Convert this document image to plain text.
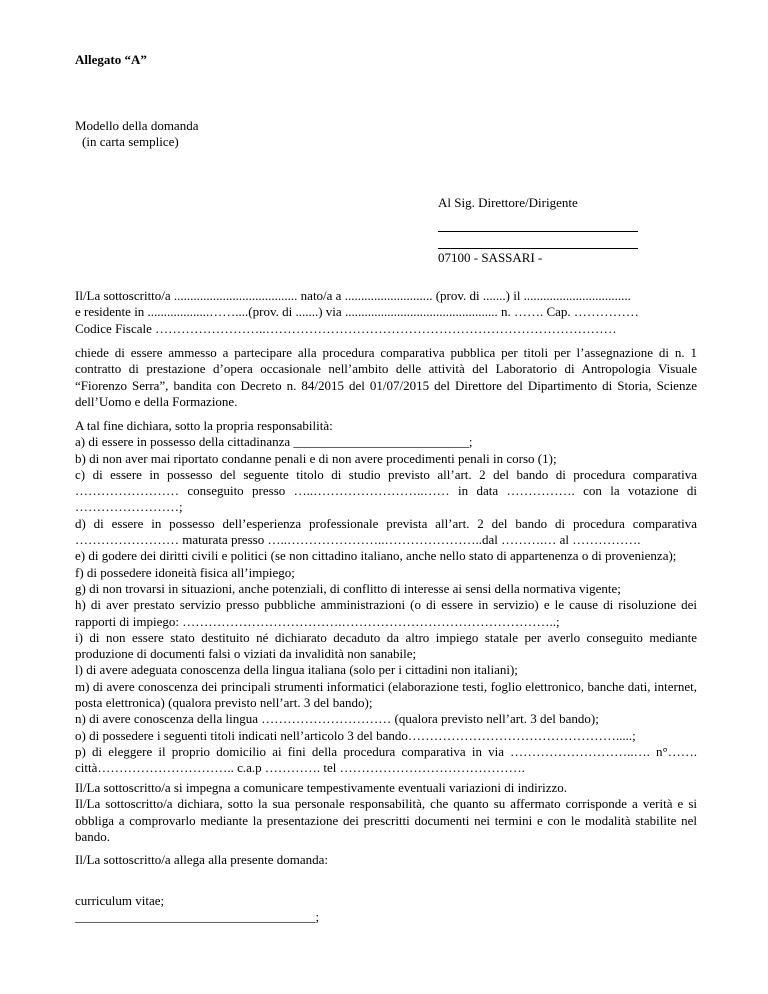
Allegato “A”
Modello della domanda
(in carta semplice)
Al Sig. Direttore/Dirigente
07100 - SASSARI -
Il/La sottoscritto/a ...................................... nato/a a ........................... (prov. di .......) il .................................
e residente in ...................……....(prov. di .......) via ............................................... n. ……. Cap. ……………
Codice Fiscale ……………………..………………………………………………………………………

chiede di essere ammesso a partecipare alla procedura comparativa pubblica per titoli per l’assegnazione di n. 1 contratto di prestazione d’opera occasionale nell’ambito delle attività del Laboratorio di Antropologia Visuale “Fiorenzo Serra”, bandita con Decreto n. 84/2015 del 01/07/2015 del Direttore del Dipartimento di Storia, Scienze dell’Uomo e della Formazione.

A tal fine dichiara, sotto la propria responsabilità:
a) di essere in possesso della cittadinanza ___________________________;
b) di non aver mai riportato condanne penali e di non avere procedimenti penali in corso (1);
c) di essere in possesso del seguente titolo di studio previsto all’art. 2 del bando di procedura comparativa …………………… conseguito presso …..……………………..…… in data ……………. con la votazione di ……………………;
d) di essere in possesso dell’esperienza professionale prevista all’art. 2 del bando di procedura comparativa …………………… maturata presso …..…………………..…………………..dal ……….… al …………….
e) di godere dei diritti civili e politici (se non cittadino italiano, anche nello stato di appartenenza o di provenienza);
f) di possedere idoneità fisica all’impiego;
g) di non trovarsi in situazioni, anche potenziali, di conflitto di interesse ai sensi della normativa vigente;
h) di aver prestato servizio presso pubbliche amministrazioni (o di essere in servizio) e le cause di risoluzione dei rapporti di impiego: ……………………………….…………………………………………..;
i) di non essere stato destituito né dichiarato decaduto da altro impiego statale per averlo conseguito mediante produzione di documenti falsi o viziati da invalidità non sanabile;
l) di avere adeguata conoscenza della lingua italiana (solo per i cittadini non italiani);
m) di avere conoscenza dei principali strumenti informatici (elaborazione testi, foglio elettronico, banche dati, internet, posta elettronica) (qualora previsto nell’art. 3 del bando);
n) di avere conoscenza della lingua ………………………… (qualora previsto nell’art. 3 del bando);
o) di possedere i seguenti titoli indicati nell’articolo 3 del bando………………………………………….....;
p) di eleggere il proprio domicilio ai fini della procedura comparativa in via ………………………..…. n°……. città………………………….. c.a.p …………. tel …………………………………….
Il/La sottoscritto/a si impegna a comunicare tempestivamente eventuali variazioni di indirizzo.
Il/La sottoscritto/a dichiara, sotto la sua personale responsabilità, che quanto su affermato corrisponde a verità e si obbliga a comprovarlo mediante la presentazione dei prescritti documenti nei termini e con le modalità stabilite nel bando.
Il/La sottoscritto/a allega alla presente domanda:
curriculum vitae;
_____________________________________;
